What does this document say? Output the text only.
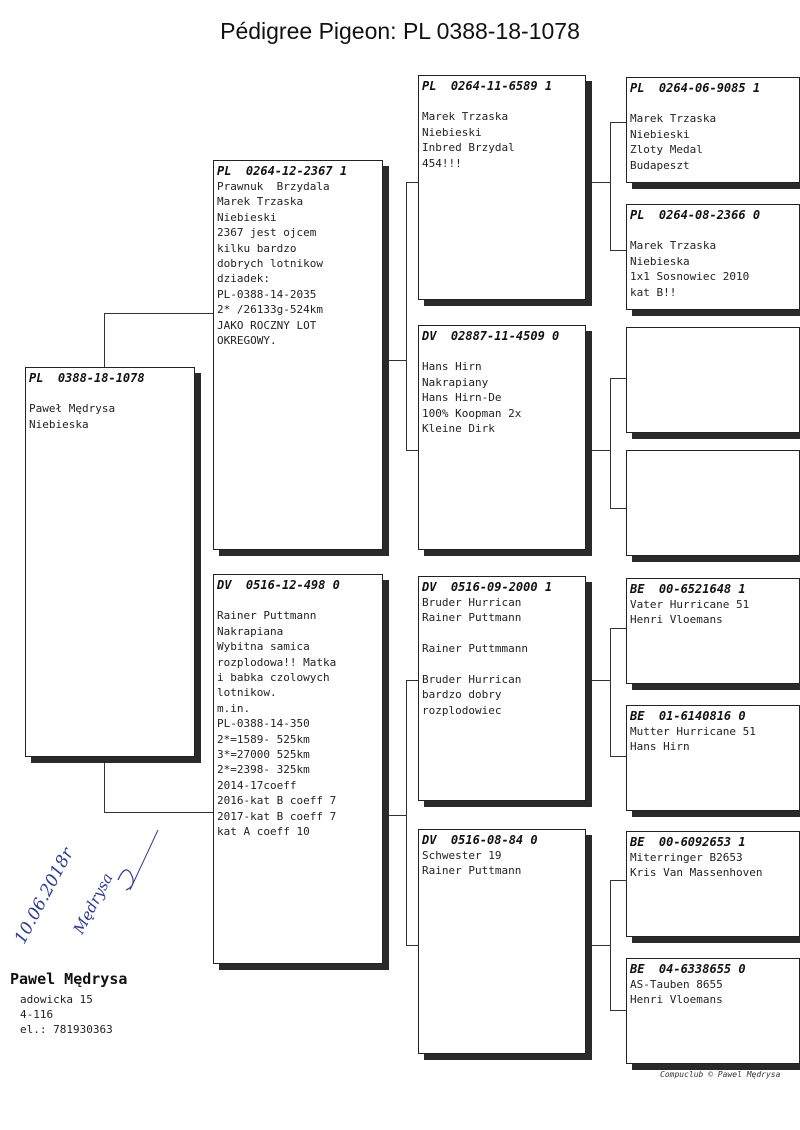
Pédigree Pigeon: PL 0388-18-1078
PL  0388-18-1078
Paweł Mędrysa
Niebieska
PL  0264-12-2367 1
Prawnuk  Brzydala
Marek Trzaska
Niebieski
2367 jest ojcem
kilku bardzo
dobrych lotnikow
dziadek:
PL-0388-14-2035
2* /26133g-524km
JAKO ROCZNY LOT
OKREGOWY.
DV  0516-12-498 0
Rainer Puttmann
Nakrapiana
Wybitna samica
rozplodowa!! Matka
i babka czolowych
lotnikow.
m.in.
PL-0388-14-350
2*=1589- 525km
3*=27000 525km
2*=2398- 325km
2014-17coeff
2016-kat B coeff 7
2017-kat B coeff 7
kat A coeff 10
PL  0264-11-6589 1
Marek Trzaska
Niebieski
Inbred Brzydal
454!!!
DV  02887-11-4509 0
Hans Hirn
Nakrapiany
Hans Hirn-De
100% Koopman 2x
Kleine Dirk
DV  0516-09-2000 1
Bruder Hurrican
Rainer Puttmann
Rainer Puttmmann
Bruder Hurrican
bardzo dobry
rozplodowiec
DV  0516-08-84 0
Schwester 19
Rainer Puttmann
PL  0264-06-9085 1
Marek Trzaska
Niebieski
Zloty Medal
Budapeszt
PL  0264-08-2366 0
Marek Trzaska
Niebieska
1x1 Sosnowiec 2010
kat B!!
BE  00-6521648 1
Vater Hurricane 51
Henri Vloemans
BE  01-6140816 0
Mutter Hurricane 51
Hans Hirn
BE  00-6092653 1
Miterringer B2653
Kris Van Massenhoven
BE  04-6338655 0
AS-Tauben 8655
Henri Vloemans
10.06.2018r
Mędrysa
Pawel Mędrysa
adowicka 15
4-116
el.: 781930363
Compuclub © Pawel Mędrysa
